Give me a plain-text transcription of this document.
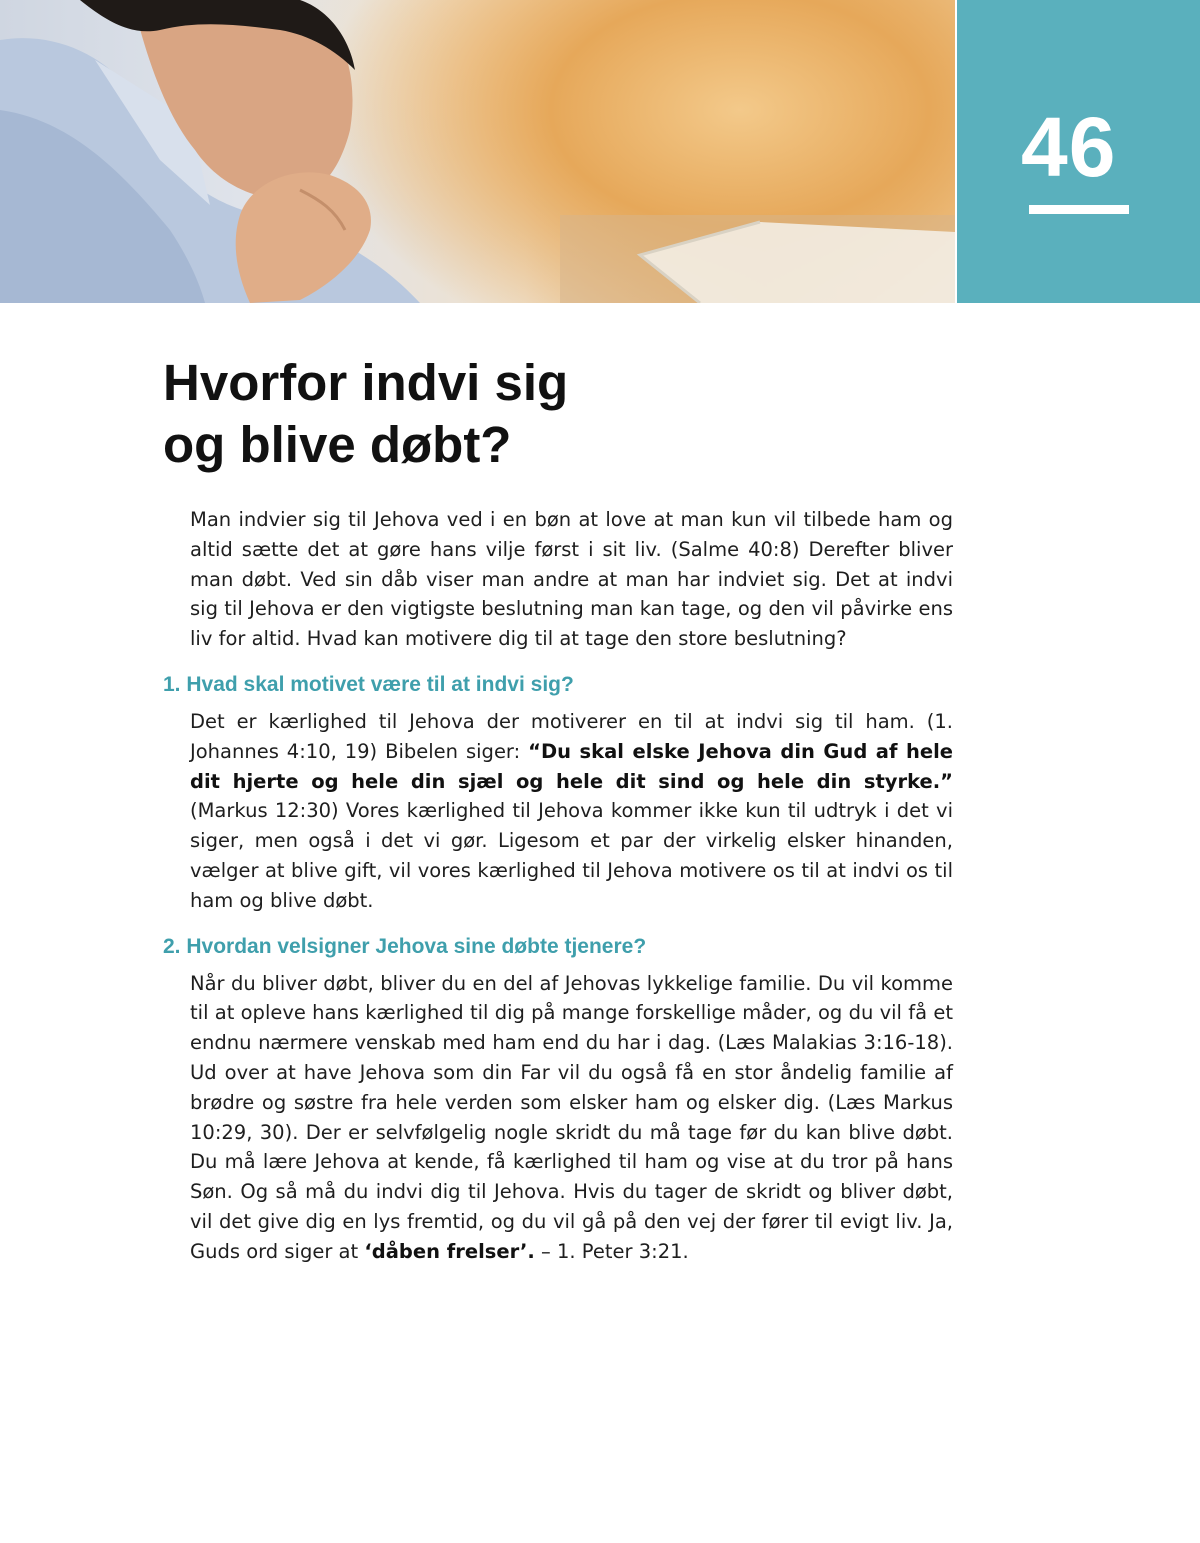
46
Hvorfor indvi sig
og blive døbt?

Man indvier sig til Jehova ved i en bøn at love at man kun vil tilbede ham og altid sætte det at gøre hans vilje først i sit liv. (Salme 40:8) Derefter bliver man døbt. Ved sin dåb viser man andre at man har indviet sig. Det at indvi sig til Jehova er den vigtigste beslutning man kan tage, og den vil påvirke ens liv for altid. Hvad kan motivere dig til at tage den store beslutning?

1. Hvad skal motivet være til at indvi sig?

Det er kærlighed til Jehova der motiverer en til at indvi sig til ham. (1. Johannes 4:10, 19) Bibelen siger: “Du skal elske Jehova din Gud af hele dit hjerte og hele din sjæl og hele dit sind og hele din styrke.” (Markus 12:30) Vores kærlighed til Jehova kommer ikke kun til udtryk i det vi siger, men også i det vi gør. Ligesom et par der virkelig elsker hinanden, vælger at blive gift, vil vores kærlighed til Jehova motivere os til at indvi os til ham og blive døbt.

2. Hvordan velsigner Jehova sine døbte tjenere?

Når du bliver døbt, bliver du en del af Jehovas lykkelige familie. Du vil komme til at opleve hans kærlighed til dig på mange forskellige måder, og du vil få et endnu nærmere venskab med ham end du har i dag. (Læs Malakias 3:16-18). Ud over at have Jehova som din Far vil du også få en stor åndelig familie af brødre og søstre fra hele verden som elsker ham og elsker dig. (Læs Markus 10:29, 30). Der er selvfølgelig nogle skridt du må tage før du kan blive døbt. Du må lære Jehova at kende, få kærlighed til ham og vise at du tror på hans Søn. Og så må du indvi dig til Jehova. Hvis du tager de skridt og bliver døbt, vil det give dig en lys fremtid, og du vil gå på den vej der fører til evigt liv. Ja, Guds ord siger at ‘dåben frelser’. – 1. Peter 3:21.
